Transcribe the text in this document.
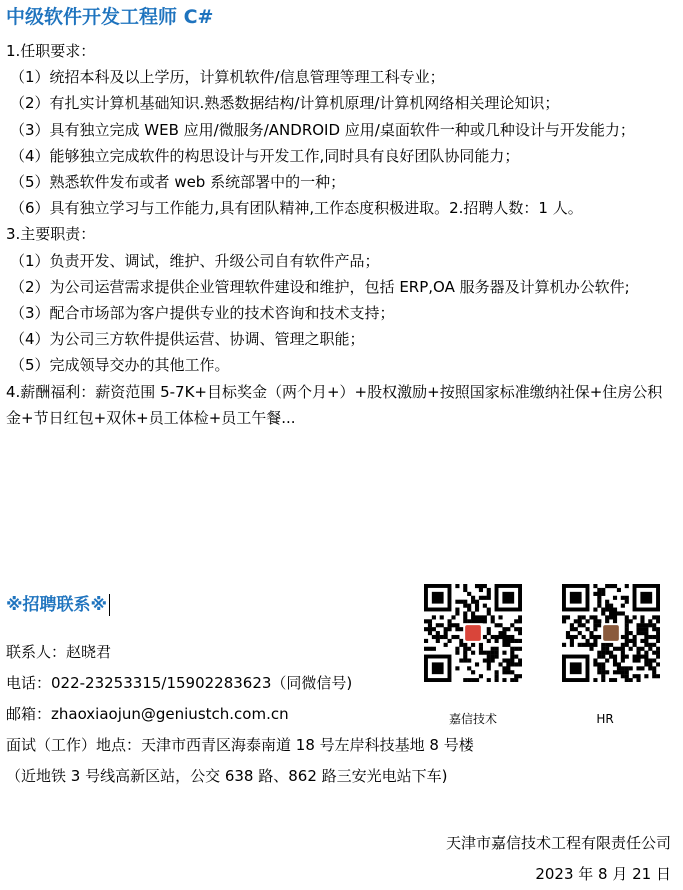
中级软件开发工程师 C#

1.任职要求：

（1）统招本科及以上学历，计算机软件/信息管理等理工科专业；

（2）有扎实计算机基础知识.熟悉数据结构/计算机原理/计算机网络相关理论知识；

（3）具有独立完成 WEB 应用/微服务/ANDROID 应用/桌面软件一种或几种设计与开发能力；

（4）能够独立完成软件的构思设计与开发工作,同时具有良好团队协同能力；

（5）熟悉软件发布或者 web 系统部署中的一种；

（6）具有独立学习与工作能力,具有团队精神,工作态度积极进取。2.招聘人数：1 人。

3.主要职责：

（1）负责开发、调试，维护、升级公司自有软件产品；

（2）为公司运营需求提供企业管理软件建设和维护，包括 ERP,OA 服务器及计算机办公软件;

（3）配合市场部为客户提供专业的技术咨询和技术支持；

（4）为公司三方软件提供运营、协调、管理之职能；

（5）完成领导交办的其他工作。

4.薪酬福利：薪资范围 5-7K+目标奖金（两个月+）+股权激励+按照国家标准缴纳社保+住房公积金+节日红包+双休+员工体检+员工午餐...

※招聘联系※

联系人：赵晓君

电话：022-23253315/15902283623（同微信号)

邮箱：zhaoxiaojun@geniustch.com.cn

面试（工作）地点：天津市西青区海泰南道 18 号左岸科技基地 8 号楼

（近地铁 3 号线高新区站，公交 638 路、862 路三安光电站下车)

嘉信技术	HR
天津市嘉信技术工程有限责任公司
2023 年 8 月 21 日
